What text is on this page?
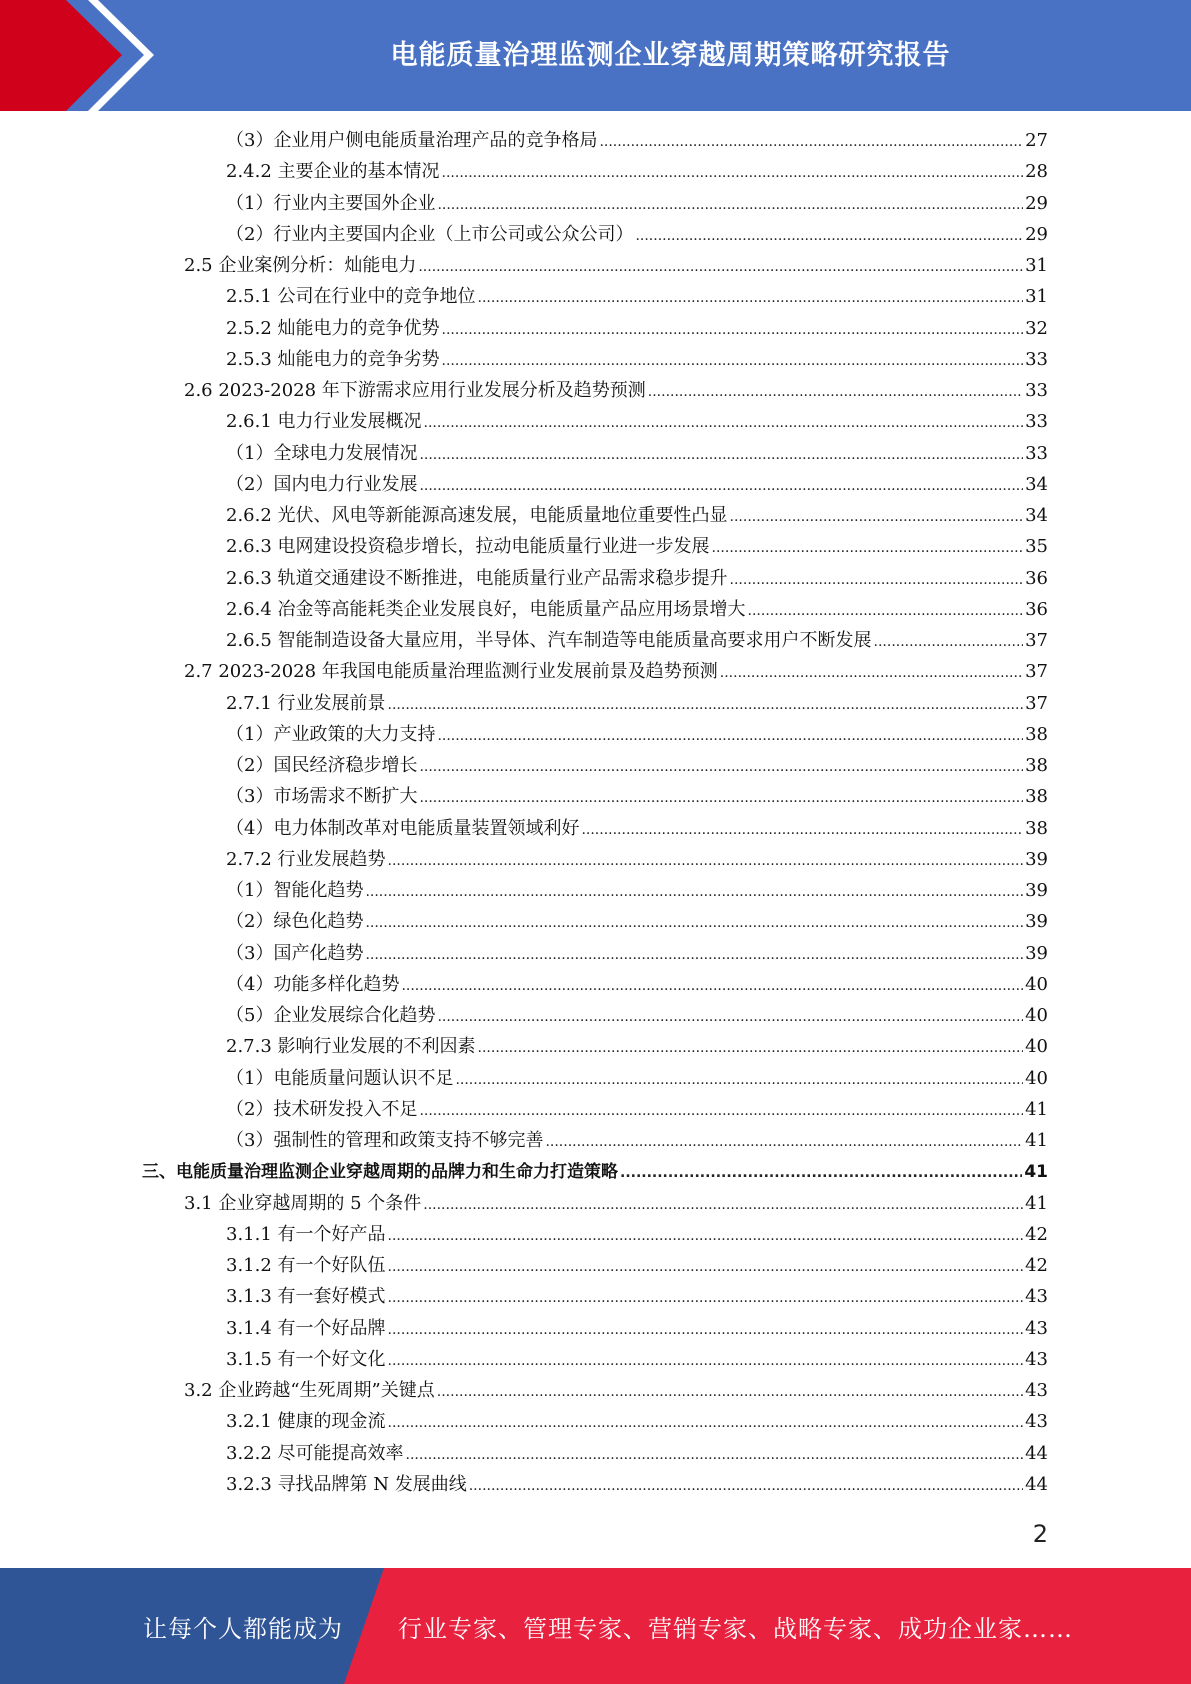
电能质量治理监测企业穿越周期策略研究报告
（3）企业用户侧电能质量治理产品的竞争格局 .....	27
2.4.2 主要企业的基本情况 .....	28
（1）行业内主要国外企业 .....	29
（2）行业内主要国内企业（上市公司或公众公司） .....	29
2.5 企业案例分析：灿能电力 .....	31
2.5.1 公司在行业中的竞争地位 .....	31
2.5.2 灿能电力的竞争优势 .....	32
2.5.3 灿能电力的竞争劣势 .....	33
2.6 2023-2028 年下游需求应用行业发展分析及趋势预测 .....	33
2.6.1 电力行业发展概况 .....	33
（1）全球电力发展情况 .....	33
（2）国内电力行业发展 .....	34
2.6.2 光伏、风电等新能源高速发展，电能质量地位重要性凸显 .....	34
2.6.3 电网建设投资稳步增长，拉动电能质量行业进一步发展 .....	35
2.6.3 轨道交通建设不断推进，电能质量行业产品需求稳步提升 .....	36
2.6.4 冶金等高能耗类企业发展良好，电能质量产品应用场景增大 .....	36
2.6.5 智能制造设备大量应用，半导体、汽车制造等电能质量高要求用户不断发展 .....	37
2.7 2023-2028 年我国电能质量治理监测行业发展前景及趋势预测 .....	37
2.7.1 行业发展前景 .....	37
（1）产业政策的大力支持 .....	38
（2）国民经济稳步增长 .....	38
（3）市场需求不断扩大 .....	38
（4）电力体制改革对电能质量装置领域利好 .....	38
2.7.2 行业发展趋势 .....	39
（1）智能化趋势 .....	39
（2）绿色化趋势 .....	39
（3）国产化趋势 .....	39
（4）功能多样化趋势 .....	40
（5）企业发展综合化趋势 .....	40
2.7.3 影响行业发展的不利因素 .....	40
（1）电能质量问题认识不足 .....	40
（2）技术研发投入不足 .....	41
（3）强制性的管理和政策支持不够完善 .....	41
三、电能质量治理监测企业穿越周期的品牌力和生命力打造策略 .....	41
3.1 企业穿越周期的 5 个条件 .....	41
3.1.1 有一个好产品 .....	42
3.1.2 有一个好队伍 .....	42
3.1.3 有一套好模式 .....	43
3.1.4 有一个好品牌 .....	43
3.1.5 有一个好文化 .....	43
3.2 企业跨越“生死周期”关键点 .....	43
3.2.1 健康的现金流 .....	43
3.2.2 尽可能提高效率 .....	44
3.2.3 寻找品牌第 N 发展曲线 .....	44
2
让每个人都能成为 行业专家、管理专家、营销专家、战略专家、成功企业家……
